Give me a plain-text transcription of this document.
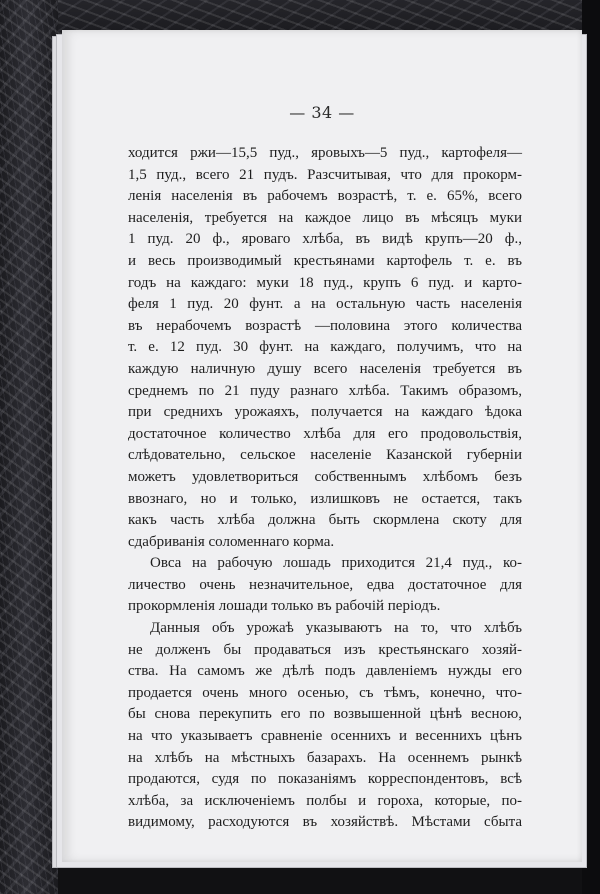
— 34 —
ходится ржи—15,5 пуд., яровыхъ—5 пуд., картофеля—
1,5 пуд., всего 21 пудъ. Разсчитывая, что для прокорм-
ленія населенія въ рабочемъ возрастѣ, т. е. 65%, всего
населенія, требуется на каждое лицо въ мѣсяцъ муки
1 пуд. 20 ф., яроваго хлѣба, въ видѣ крупъ—20 ф.,
и весь производимый крестьянами картофель т. е. въ
годъ на каждаго: муки 18 пуд., крупъ 6 пуд. и карто-
феля 1 пуд. 20 фунт. а на остальную часть населенія
въ нерабочемъ возрастѣ —половина этого количества
т. е. 12 пуд. 30 фунт. на каждаго, получимъ, что на
каждую наличную душу всего населенія требуется въ
среднемъ по 21 пуду разнаго хлѣба. Такимъ образомъ,
при среднихъ урожаяхъ, получается на каждаго ѣдока
достаточное количество хлѣба для его продовольствія,
слѣдовательно, сельское населеніе Казанской губерніи
можетъ удовлетвориться собственнымъ хлѣбомъ безъ
ввознаго, но и только, излишковъ не остается, такъ
какъ часть хлѣба должна быть скормлена скоту для
сдабриванія соломеннаго корма.
Овса на рабочую лошадь приходится 21,4 пуд., ко-
личество очень незначительное, едва достаточное для
прокормленія лошади только въ рабочій періодъ.
Данныя объ урожаѣ указываютъ на то, что хлѣбъ
не долженъ бы продаваться изъ крестьянскаго хозяй-
ства. На самомъ же дѣлѣ подъ давленіемъ нужды его
продается очень много осенью, съ тѣмъ, конечно, что-
бы снова перекупить его по возвышенной цѣнѣ весною,
на что указываетъ сравненіе осеннихъ и весеннихъ цѣнъ
на хлѣбъ на мѣстныхъ базарахъ. На осеннемъ рынкѣ
продаются, судя по показаніямъ корреспондентовъ, всѣ
хлѣба, за исключеніемъ полбы и гороха, которые, по-
видимому, расходуются въ хозяйствѣ. Мѣстами сбыта
